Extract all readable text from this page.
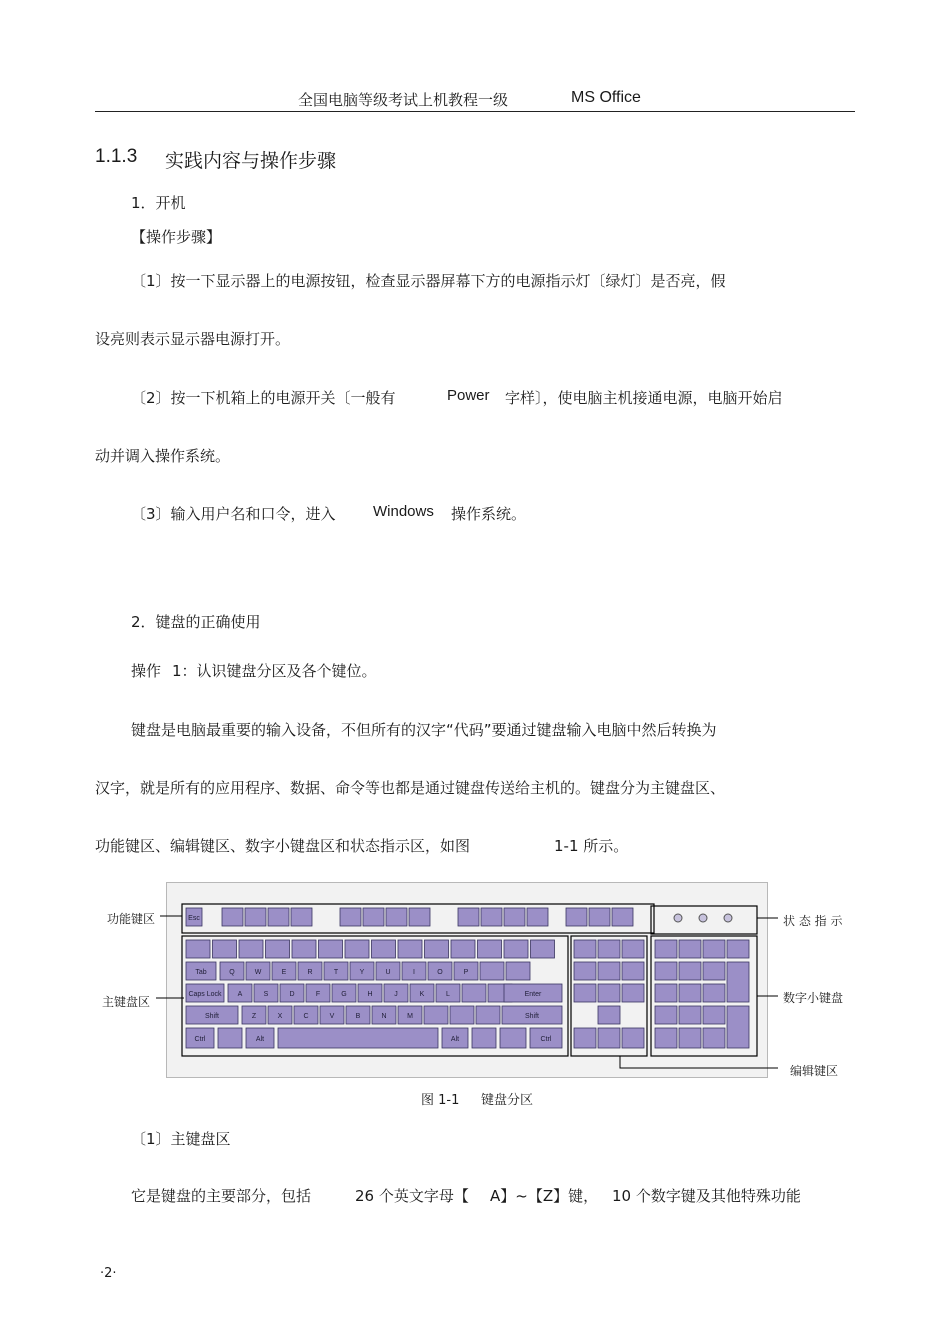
全国电脑等级考试上机教程一级	MS Office
1.1.3 实践内容与操作步骤
1．开机
【操作步骤】
〔1〕按一下显示器上的电源按钮，检查显示器屏幕下方的电源指示灯〔绿灯〕是否亮，假
设亮则表示显示器电源打开。
〔2〕按一下机箱上的电源开关〔一般有	Power 字样〕，使电脑主机接通电源，电脑开始启
动并调入操作系统。
〔3〕输入用户名和口令，进入 Windows 操作系统。
2．键盘的正确使用
操作 1：认识键盘分区及各个键位。
键盘是电脑最重要的输入设备，不但所有的汉字“代码”要通过键盘输入电脑中然后转换为
汉字，就是所有的应用程序、数据、命令等也都是通过键盘传送给主机的。键盘分为主键盘区、
功能键区、编辑键区、数字小键盘区和状态指示区，如图	1-1 所示。
功能键区
主键盘区
状 态 指 示
数字小键盘
编辑键区
Esc
Tab	Q	W	E	R	T	Y	U	I	O	P
Caps Lock A	S	D	F	G	H	J	K	L	Enter
Shift	Z	X	C	V	B	N	M	Shift
Ctrl	Alt	Alt	Ctrl
图 1-1 键盘分区
〔1〕主键盘区
它是键盘的主要部分，包括	26 个英文字母【 A】~【Z】键， 10 个数字键及其他特殊功能
·2·
